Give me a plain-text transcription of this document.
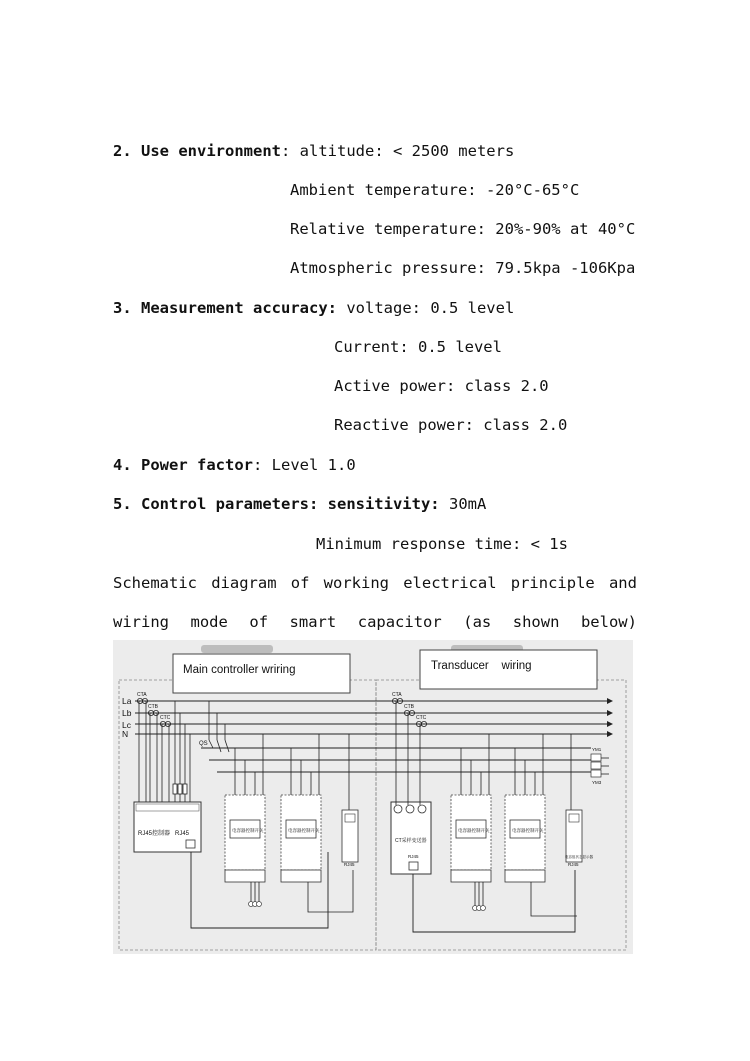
2. Use environment: altitude: < 2500 meters
Ambient temperature: -20°C-65°C
Relative temperature: 20%-90% at 40°C
Atmospheric pressure: 79.5kpa -106Kpa
3. Measurement accuracy: voltage: 0.5 level
Current: 0.5 level
Active power: class 2.0
Reactive power: class 2.0
4. Power factor: Level 1.0
5. Control parameters: sensitivity: 30mA
Minimum response time: < 1s
Schematic diagram of working electrical principle and
wiring mode of smart capacitor (as shown below)
Main controller wriring	Transducer    wiring
La
Lb
Lc
N
CTA
CTB
CTC
CTA
CTB
CTC
RJ45控制器   RJ45
QS
电容器控制开关	电容器控制开关
RJ45
CT采样变送器
RJ45
电容器控制开关	电容器控制开关
RJ45
电容组状态显示器
YM1
YM3
